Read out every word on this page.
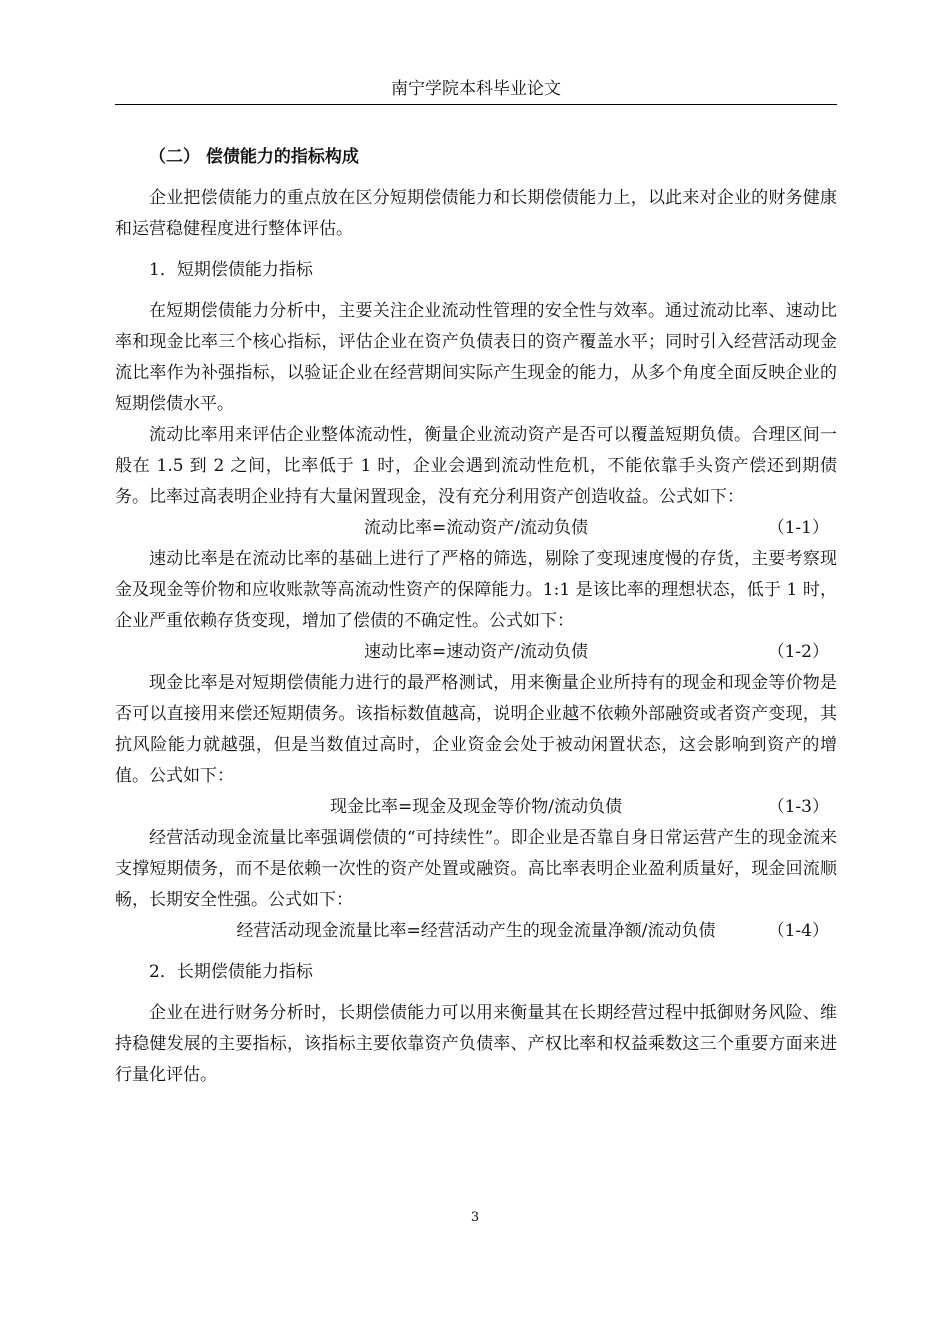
南宁学院本科毕业论文

（二） 偿债能力的指标构成

企业把偿债能力的重点放在区分短期偿债能力和长期偿债能力上，以此来对企业的财务健康和运营稳健程度进行整体评估。

1．短期偿债能力指标

在短期偿债能力分析中，主要关注企业流动性管理的安全性与效率。通过流动比率、速动比率和现金比率三个核心指标，评估企业在资产负债表日的资产覆盖水平；同时引入经营活动现金流比率作为补强指标，以验证企业在经营期间实际产生现金的能力，从多个角度全面反映企业的短期偿债水平。

流动比率用来评估企业整体流动性，衡量企业流动资产是否可以覆盖短期负债。合理区间一般在 1.5 到 2 之间，比率低于 1 时，企业会遇到流动性危机，不能依靠手头资产偿还到期债务。比率过高表明企业持有大量闲置现金，没有充分利用资产创造收益。公式如下：

流动比率=流动资产/流动负债	（1-1）

速动比率是在流动比率的基础上进行了严格的筛选，剔除了变现速度慢的存货，主要考察现金及现金等价物和应收账款等高流动性资产的保障能力。1:1 是该比率的理想状态，低于 1 时，企业严重依赖存货变现，增加了偿债的不确定性。公式如下：

速动比率=速动资产/流动负债	（1-2）

现金比率是对短期偿债能力进行的最严格测试，用来衡量企业所持有的现金和现金等价物是否可以直接用来偿还短期债务。该指标数值越高，说明企业越不依赖外部融资或者资产变现，其抗风险能力就越强，但是当数值过高时，企业资金会处于被动闲置状态，这会影响到资产的增值。公式如下：

现金比率=现金及现金等价物/流动负债	（1-3）

经营活动现金流量比率强调偿债的“可持续性”。即企业是否靠自身日常运营产生的现金流来支撑短期债务，而不是依赖一次性的资产处置或融资。高比率表明企业盈利质量好，现金回流顺畅，长期安全性强。公式如下：

经营活动现金流量比率=经营活动产生的现金流量净额/流动负债	（1-4）

2．长期偿债能力指标

企业在进行财务分析时，长期偿债能力可以用来衡量其在长期经营过程中抵御财务风险、维持稳健发展的主要指标，该指标主要依靠资产负债率、产权比率和权益乘数这三个重要方面来进行量化评估。

3
